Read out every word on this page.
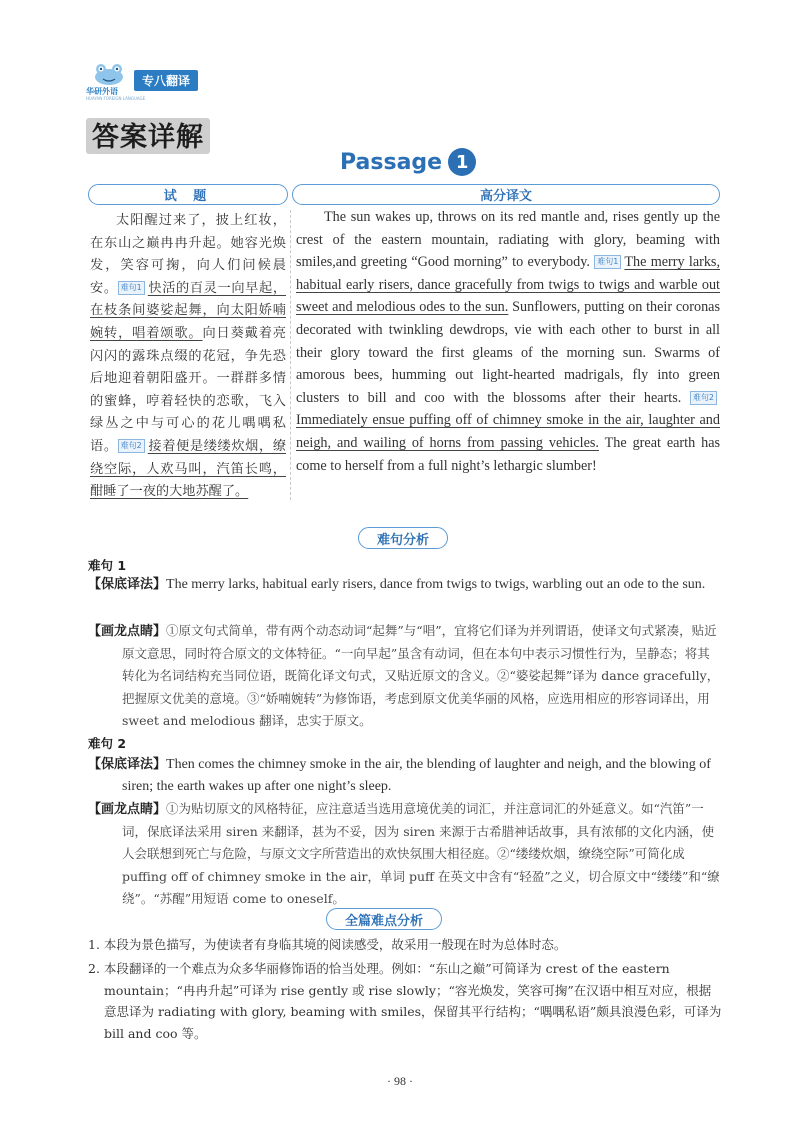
华研外语
HUAYAN FOREIGN LANGUAGE
专八翻译
答案详解
Passage 1
试 题	高分译文

太阳醒过来了，披上红妆，在东山之巅冉冉升起。她容光焕发，笑容可掬，向人们问候晨安。 难句1 快活的百灵一向早起，在枝条间婆娑起舞，向太阳娇喃婉转，唱着颂歌。向日葵戴着亮闪闪的露珠点缀的花冠，争先恐后地迎着朝阳盛开。一群群多情的蜜蜂，哼着轻快的恋歌，飞入绿丛之中与可心的花儿喁喁私语。 难句2 接着便是缕缕炊烟，缭绕空际，人欢马叫，汽笛长鸣，酣睡了一夜的大地苏醒了。

The sun wakes up, throws on its red mantle and, rises gently up the crest of the eastern mountain, radiating with glory, beaming with smiles,and greeting “Good morning” to everybody. 难句1 The merry larks, habitual early risers, dance gracefully from twigs to twigs and warble out sweet and melodious odes to the sun. Sunflowers, putting on their coronas decorated with twinkling dewdrops, vie with each other to burst in all their glory toward the first gleams of the morning sun. Swarms of amorous bees, humming out light-hearted madrigals, fly into green clusters to bill and coo with the blossoms after their hearts. 难句2Immediately ensue puffing off of chimney smoke in the air, laughter and neigh, and wailing of horns from passing vehicles. The great earth has come to herself from a full night’s lethargic slumber!

难句分析
难句 1
【保底译法】The merry larks, habitual early risers, dance from twigs to twigs, warbling out an ode to the sun.
【画龙点睛】①原文句式简单，带有两个动态动词“起舞”与“唱”，宜将它们译为并列谓语，使译文句式紧凑，贴近原文意思，同时符合原文的文体特征。“一向早起”虽含有动词，但在本句中表示习惯性行为，呈静态；将其转化为名词结构充当同位语，既简化译文句式，又贴近原文的含义。②“婆娑起舞”译为 dance gracefully，把握原文优美的意境。③“娇喃婉转”为修饰语，考虑到原文优美华丽的风格，应选用相应的形容词译出，用 sweet and melodious 翻译，忠实于原文。
难句 2
【保底译法】Then comes the chimney smoke in the air, the blending of laughter and neigh, and the blowing of siren; the earth wakes up after one night’s sleep.
【画龙点睛】①为贴切原文的风格特征，应注意适当选用意境优美的词汇，并注意词汇的外延意义。如“汽笛”一词，保底译法采用 siren 来翻译，甚为不妥，因为 siren 来源于古希腊神话故事，具有浓郁的文化内涵，使人会联想到死亡与危险，与原文文字所营造出的欢快氛围大相径庭。②“缕缕炊烟，缭绕空际”可简化成 puffing off of chimney smoke in the air，单词 puff 在英文中含有“轻盈”之义，切合原文中“缕缕”和“缭绕”。“苏醒”用短语 come to oneself。
全篇难点分析
1. 本段为景色描写，为使读者有身临其境的阅读感受，故采用一般现在时为总体时态。
2. 本段翻译的一个难点为众多华丽修饰语的恰当处理。例如：“东山之巅”可简译为 crest of the eastern mountain；“冉冉升起”可译为 rise gently 或 rise slowly；“容光焕发，笑容可掬”在汉语中相互对应，根据意思译为 radiating with glory, beaming with smiles，保留其平行结构；“喁喁私语”颇具浪漫色彩，可译为 bill and coo 等。
· 98 ·
